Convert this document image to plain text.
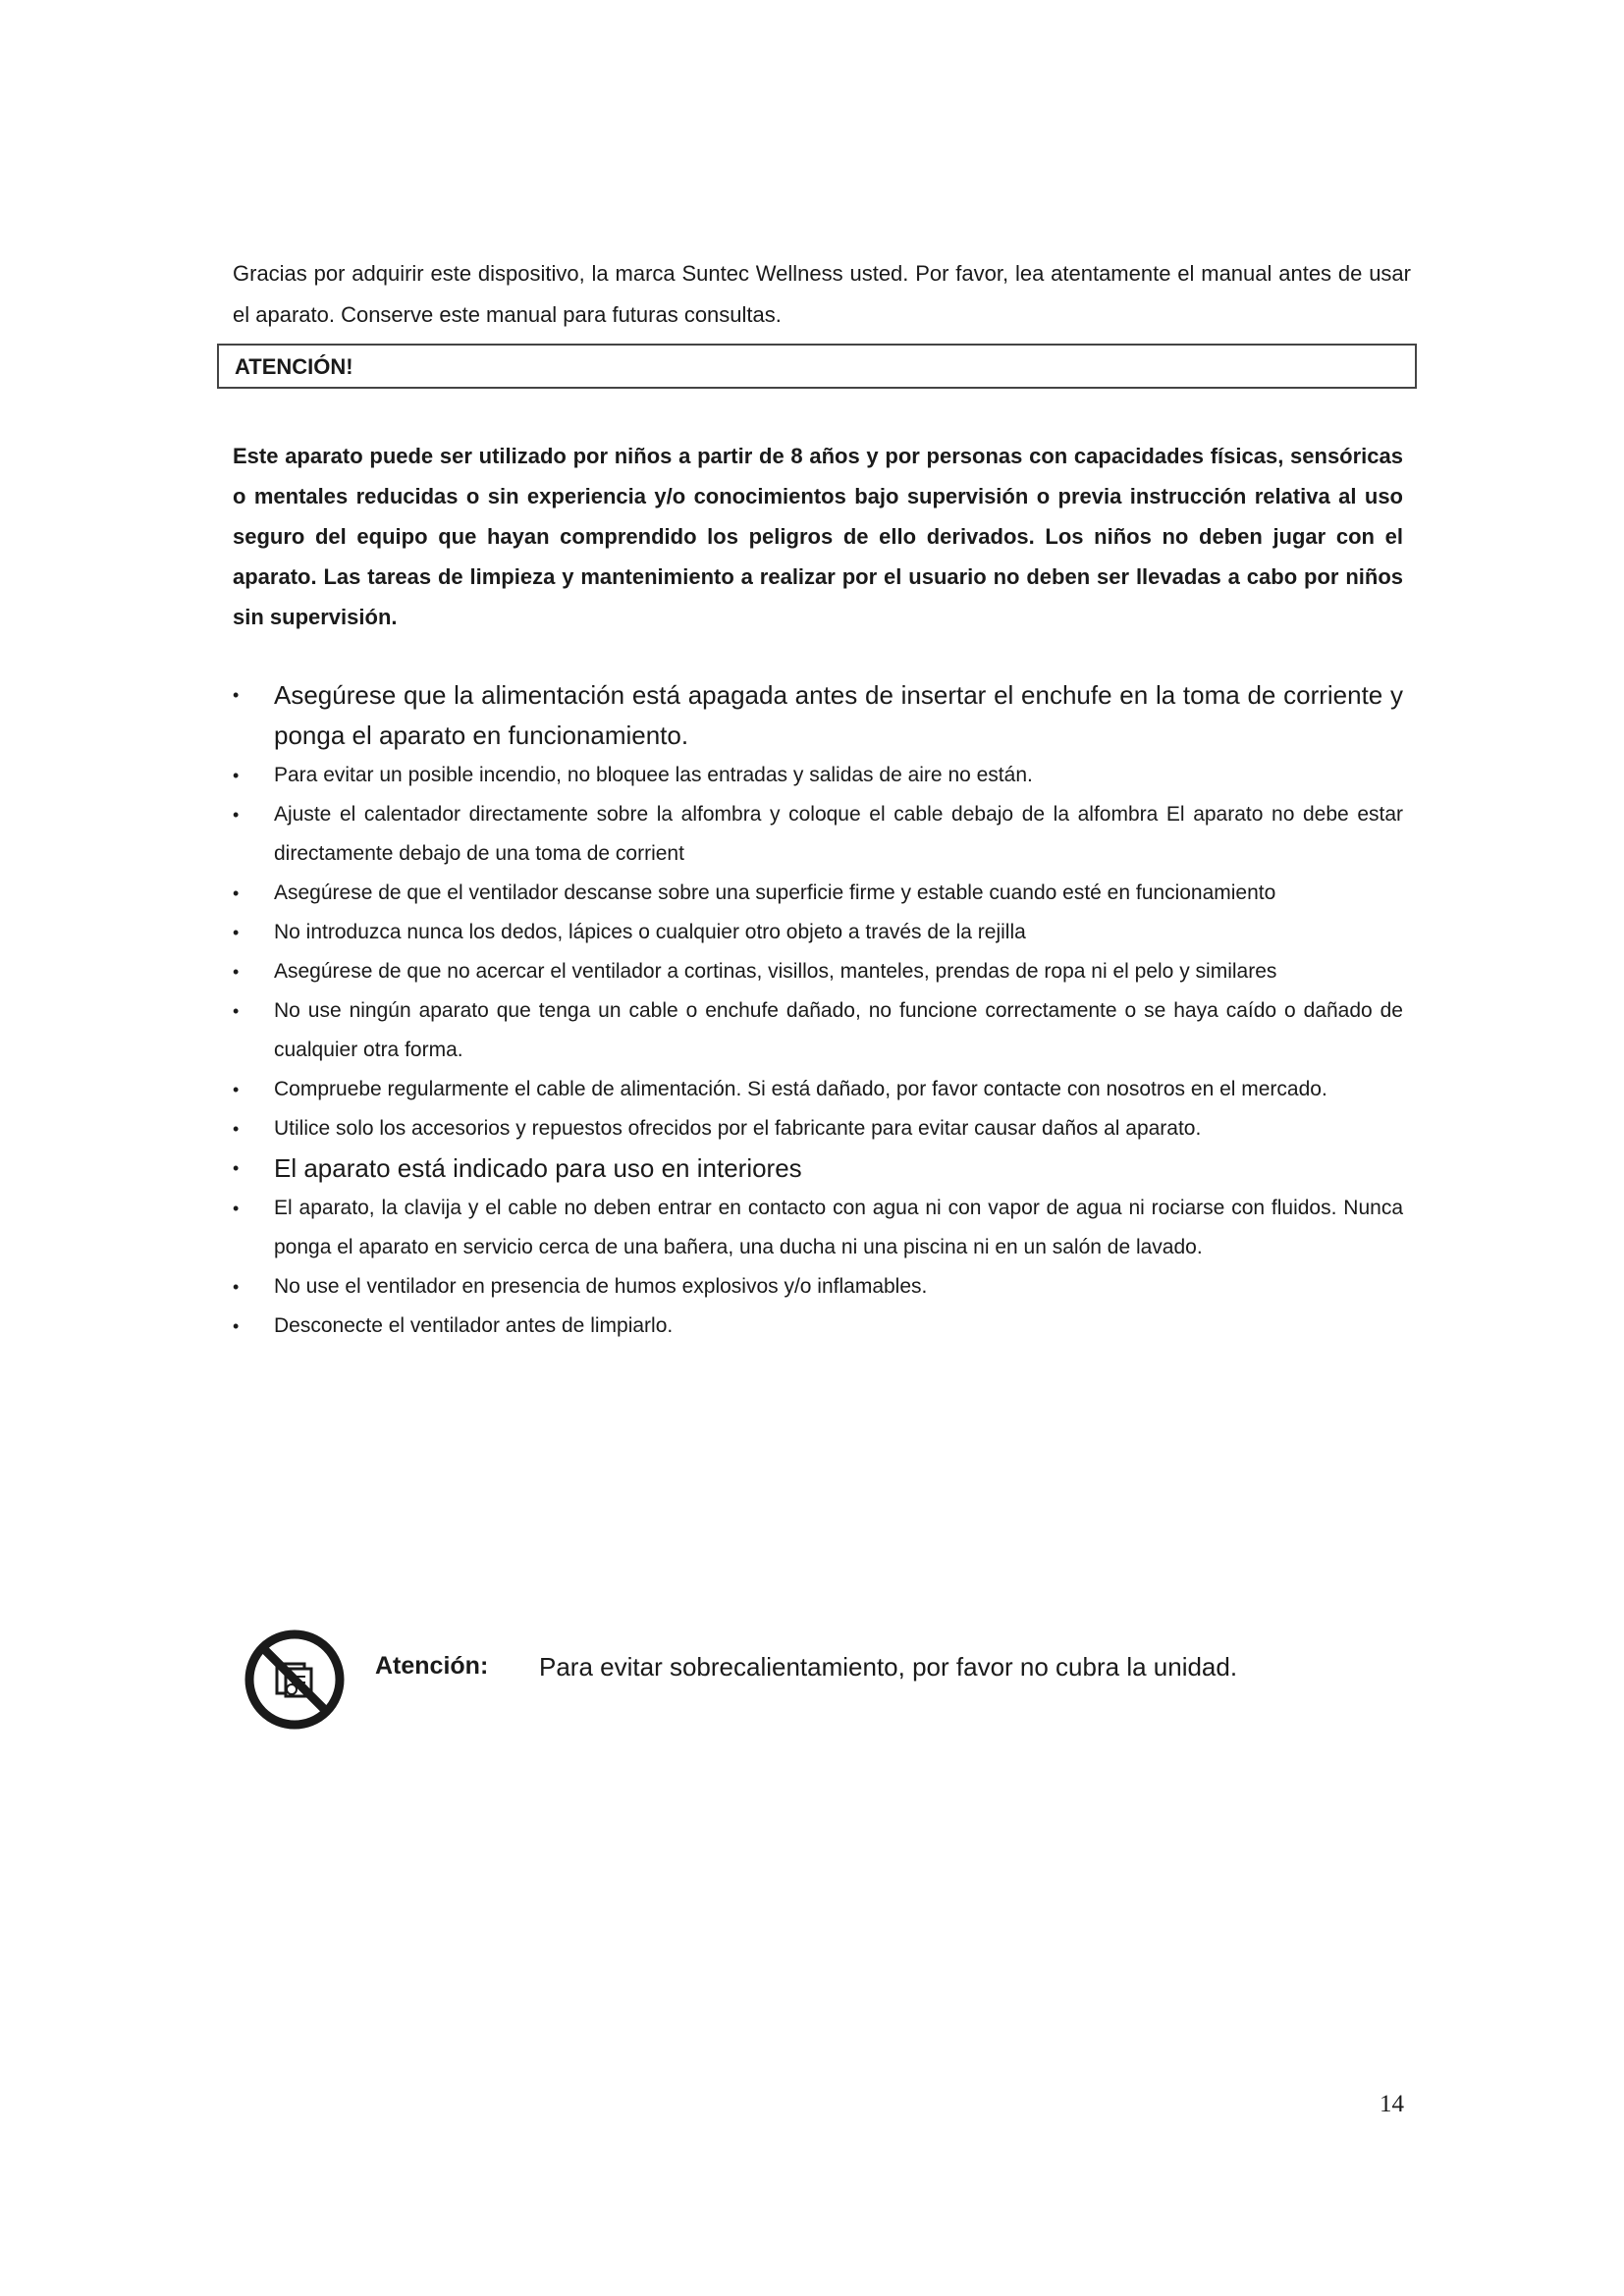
Gracias por adquirir este dispositivo, la marca Suntec Wellness usted. Por favor, lea atentamente el manual antes de usar el aparato. Conserve este manual para futuras consultas.

ATENCIÓN!

Este aparato puede ser utilizado por niños a partir de 8 años y por personas con capacidades físicas, sensóricas o mentales reducidas o sin experiencia y/o conocimientos bajo supervisión o previa instrucción relativa al uso seguro del equipo que hayan comprendido los peligros de ello derivados. Los niños no deben jugar con el aparato. Las tareas de limpieza y mantenimiento a realizar por el usuario no deben ser llevadas a cabo por niños sin supervisión.

• Asegúrese que la alimentación está apagada antes de insertar el enchufe en la toma de corriente y ponga el aparato en funcionamiento.
• Para evitar un posible incendio, no bloquee las entradas y salidas de aire no están.
• Ajuste el calentador directamente sobre la alfombra y coloque el cable debajo de la alfombra El aparato no debe estar directamente debajo de una toma de corrient
• Asegúrese de que el ventilador descanse sobre una superficie firme y estable cuando esté en funcionamiento
• No introduzca nunca los dedos, lápices o cualquier otro objeto a través de la rejilla
• Asegúrese de que no acercar el ventilador a cortinas, visillos, manteles, prendas de ropa ni el pelo y similares
• No use ningún aparato que tenga un cable o enchufe dañado, no funcione correctamente o se haya caído o dañado de cualquier otra forma.
• Compruebe regularmente el cable de alimentación. Si está dañado, por favor contacte con nosotros en el mercado.
• Utilice solo los accesorios y repuestos ofrecidos por el fabricante para evitar causar daños al aparato.
• El aparato está indicado para uso en interiores
• El aparato, la clavija y el cable no deben entrar en contacto con agua ni con vapor de agua ni rociarse con fluidos. Nunca ponga el aparato en servicio cerca de una bañera, una ducha ni una piscina ni en un salón de lavado.
• No use el ventilador en presencia de humos explosivos y/o inflamables.
• Desconecte el ventilador antes de limpiarlo.
Atención: Para evitar sobrecalientamiento, por favor no cubra la unidad.
14
